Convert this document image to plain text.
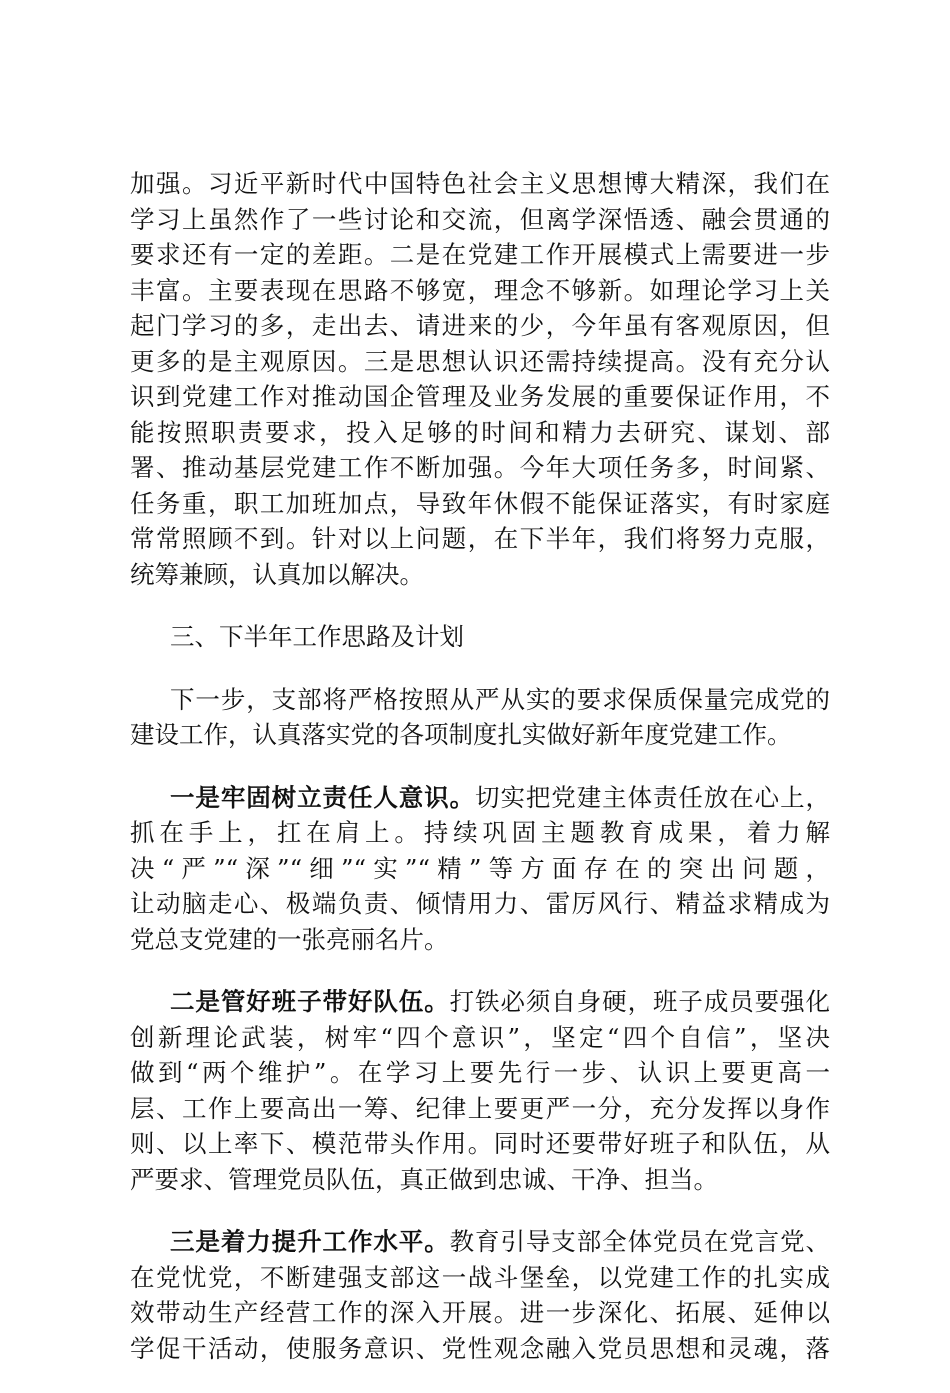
加强。习近平新时代中国特色社会主义思想博大精深，我们在
学习上虽然作了一些讨论和交流，但离学深悟透、融会贯通的
要求还有一定的差距。二是在党建工作开展模式上需要进一步
丰富。主要表现在思路不够宽，理念不够新。如理论学习上关
起门学习的多，走出去、请进来的少，今年虽有客观原因，但
更多的是主观原因。三是思想认识还需持续提高。没有充分认
识到党建工作对推动国企管理及业务发展的重要保证作用，不
能按照职责要求，投入足够的时间和精力去研究、谋划、部
署、推动基层党建工作不断加强。今年大项任务多，时间紧、
任务重，职工加班加点，导致年休假不能保证落实，有时家庭
常常照顾不到。针对以上问题，在下半年，我们将努力克服，
统筹兼顾，认真加以解决。
三、下半年工作思路及计划
下一步，支部将严格按照从严从实的要求保质保量完成党的
建设工作，认真落实党的各项制度扎实做好新年度党建工作。
一是牢固树立责任人意识。切实把党建主体责任放在心上，
抓在手上，扛在肩上。持续巩固主题教育成果，着力解
决“严”“深”“细”“实”“精”等方面存在的突出问题，
让动脑走心、极端负责、倾情用力、雷厉风行、精益求精成为
党总支党建的一张亮丽名片。
二是管好班子带好队伍。打铁必须自身硬，班子成员要强化
创新理论武装，树牢“四个意识”，坚定“四个自信”，坚决
做到“两个维护”。在学习上要先行一步、认识上要更高一
层、工作上要高出一筹、纪律上要更严一分，充分发挥以身作
则、以上率下、模范带头作用。同时还要带好班子和队伍，从
严要求、管理党员队伍，真正做到忠诚、干净、担当。
三是着力提升工作水平。教育引导支部全体党员在党言党、
在党忧党，不断建强支部这一战斗堡垒，以党建工作的扎实成
效带动生产经营工作的深入开展。进一步深化、拓展、延伸以
学促干活动，使服务意识、党性观念融入党员思想和灵魂，落
